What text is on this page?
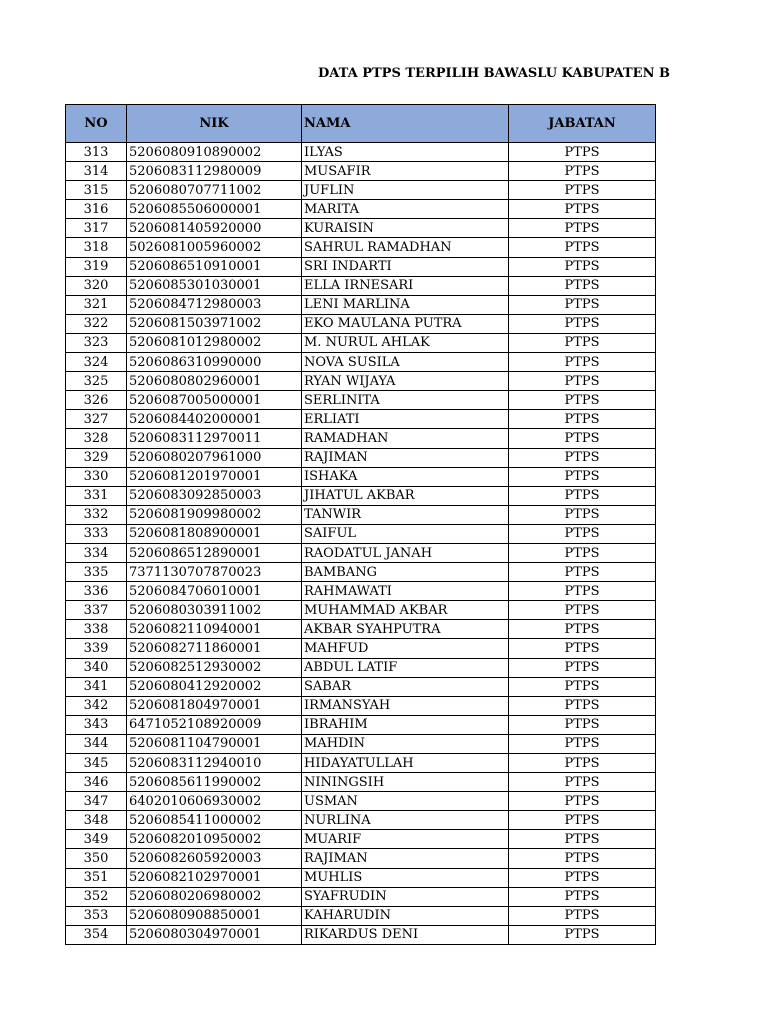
DATA PTPS TERPILIH BAWASLU KABUPATEN B
NO	NIK	NAMA	JABATAN
313	5206080910890002	ILYAS	PTPS
314	5206083112980009	MUSAFIR	PTPS
315	5206080707711002	JUFLIN	PTPS
316	5206085506000001	MARITA	PTPS
317	5206081405920000	KURAISIN	PTPS
318	5026081005960002	SAHRUL RAMADHAN	PTPS
319	5206086510910001	SRI INDARTI	PTPS
320	5206085301030001	ELLA IRNESARI	PTPS
321	5206084712980003	LENI MARLINA	PTPS
322	5206081503971002	EKO MAULANA PUTRA	PTPS
323	5206081012980002	M. NURUL AHLAK	PTPS
324	5206086310990000	NOVA SUSILA	PTPS
325	5206080802960001	RYAN WIJAYA	PTPS
326	5206087005000001	SERLINITA	PTPS
327	5206084402000001	ERLIATI	PTPS
328	5206083112970011	RAMADHAN	PTPS
329	5206080207961000	RAJIMAN	PTPS
330	5206081201970001	ISHAKA	PTPS
331	5206083092850003	JIHATUL AKBAR	PTPS
332	5206081909980002	TANWIR	PTPS
333	5206081808900001	SAIFUL	PTPS
334	5206086512890001	RAODATUL JANAH	PTPS
335	7371130707870023	BAMBANG	PTPS
336	5206084706010001	RAHMAWATI	PTPS
337	5206080303911002	MUHAMMAD AKBAR	PTPS
338	5206082110940001	AKBAR SYAHPUTRA	PTPS
339	5206082711860001	MAHFUD	PTPS
340	5206082512930002	ABDUL LATIF	PTPS
341	5206080412920002	SABAR	PTPS
342	5206081804970001	IRMANSYAH	PTPS
343	6471052108920009	IBRAHIM	PTPS
344	5206081104790001	MAHDIN	PTPS
345	5206083112940010	HIDAYATULLAH	PTPS
346	5206085611990002	NININGSIH	PTPS
347	6402010606930002	USMAN	PTPS
348	5206085411000002	NURLINA	PTPS
349	5206082010950002	MUARIF	PTPS
350	5206082605920003	RAJIMAN	PTPS
351	5206082102970001	MUHLIS	PTPS
352	5206080206980002	SYAFRUDIN	PTPS
353	5206080908850001	KAHARUDIN	PTPS
354	5206080304970001	RIKARDUS DENI	PTPS
